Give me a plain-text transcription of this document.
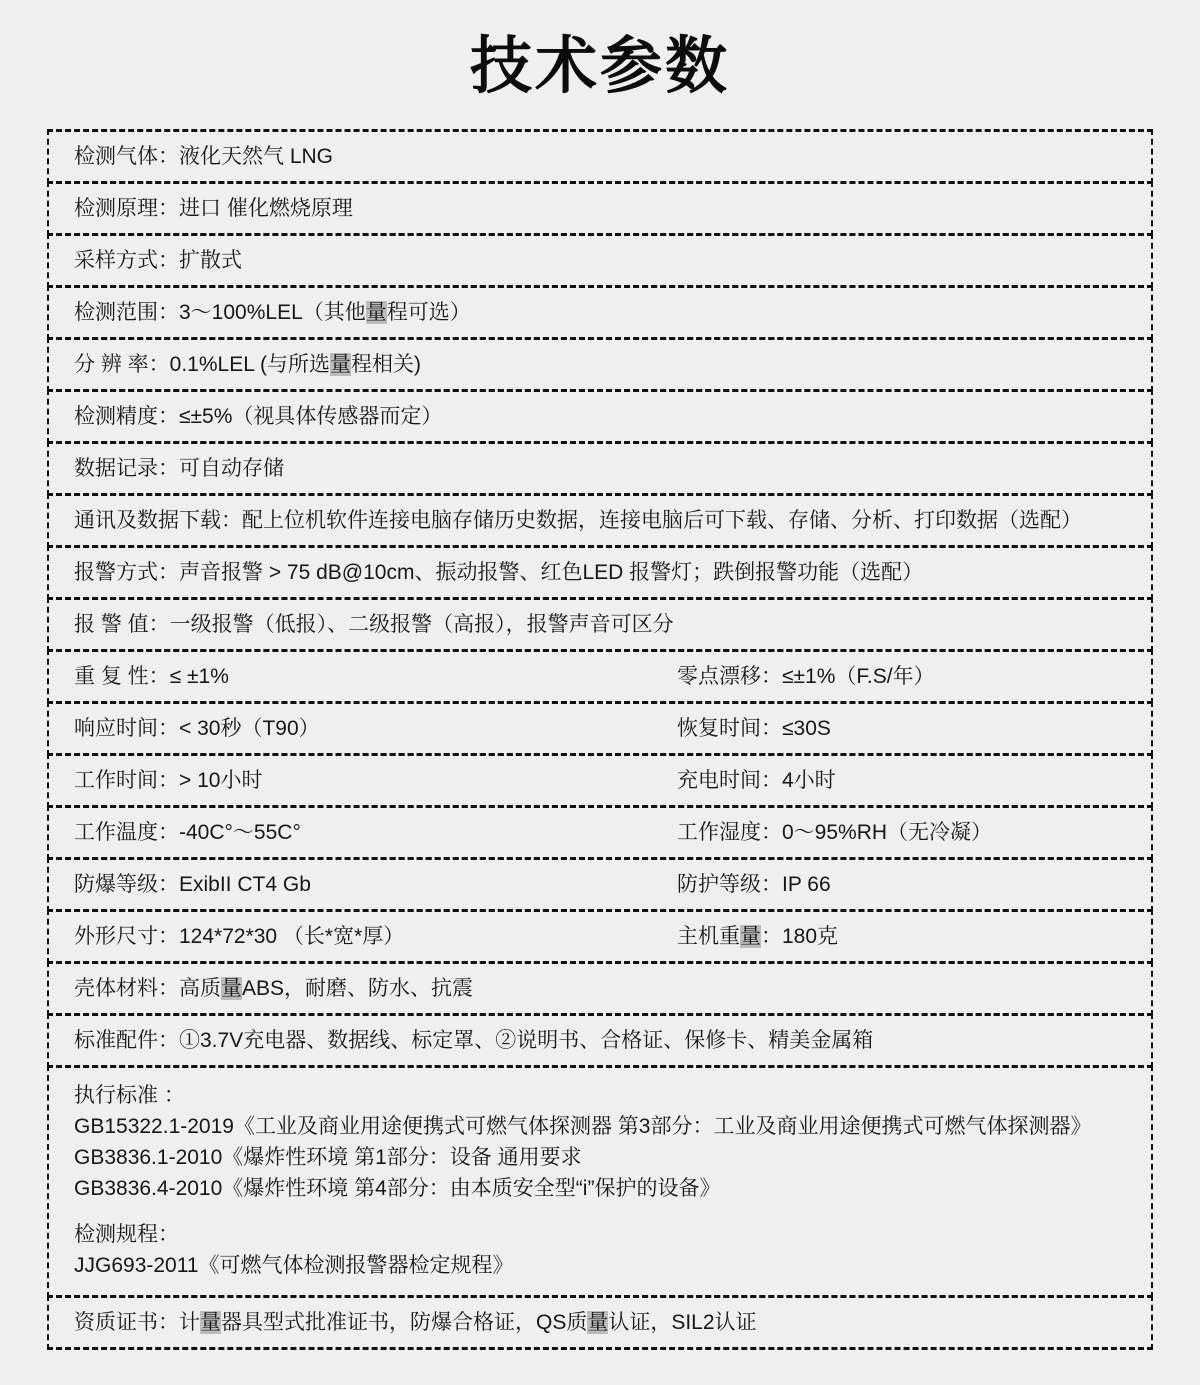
技术参数
检测气体：液化天然气 LNG
检测原理：进口 催化燃烧原理
采样方式：扩散式
检测范围：3～100%LEL（其他量程可选）
分 辨 率：0.1%LEL (与所选量程相关)
检测精度：≤±5%（视具体传感器而定）
数据记录：可自动存储
通讯及数据下载：配上位机软件连接电脑存储历史数据，连接电脑后可下载、存储、分析、打印数据（选配）
报警方式：声音报警 > 75 dB@10cm、振动报警、红色LED 报警灯；跌倒报警功能（选配）
报 警 值：一级报警（低报）、二级报警（高报），报警声音可区分
重 复 性：≤ ±1%	零点漂移：≤±1%（F.S/年）
响应时间：< 30秒（T90）	恢复时间：≤30S
工作时间：> 10小时	充电时间：4小时
工作温度：-40C°～55C°	工作湿度：0～95%RH（无冷凝）
防爆等级：ExibII CT4 Gb	防护等级：IP 66
外形尺寸：124*72*30 （长*宽*厚）	主机重量：180克
壳体材料：高质量ABS，耐磨、防水、抗震
标准配件：①3.7V充电器、数据线、标定罩、②说明书、合格证、保修卡、精美金属箱
执行标准 ：
GB15322.1-2019《工业及商业用途便携式可燃气体探测器 第3部分：工业及商业用途便携式可燃气体探测器》
GB3836.1-2010《爆炸性环境 第1部分：设备 通用要求
GB3836.4-2010《爆炸性环境 第4部分：由本质安全型“i”保护的设备》
检测规程：
JJG693-2011《可燃气体检测报警器检定规程》
资质证书：计量器具型式批准证书，防爆合格证，QS质量认证，SIL2认证
